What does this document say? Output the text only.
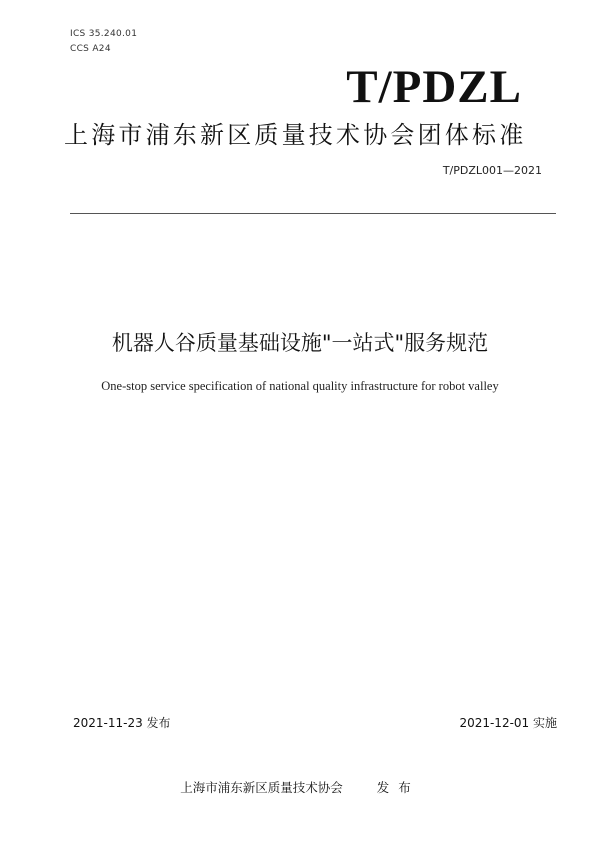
ICS 35.240.01
CCS A24
T/PDZL
上海市浦东新区质量技术协会团体标准
T/PDZL001—2021
机器人谷质量基础设施"一站式"服务规范
One-stop service specification of national quality infrastructure for robot valley
2021-11-23 发布	2021-12-01 实施
上海市浦东新区质量技术协会	发布
